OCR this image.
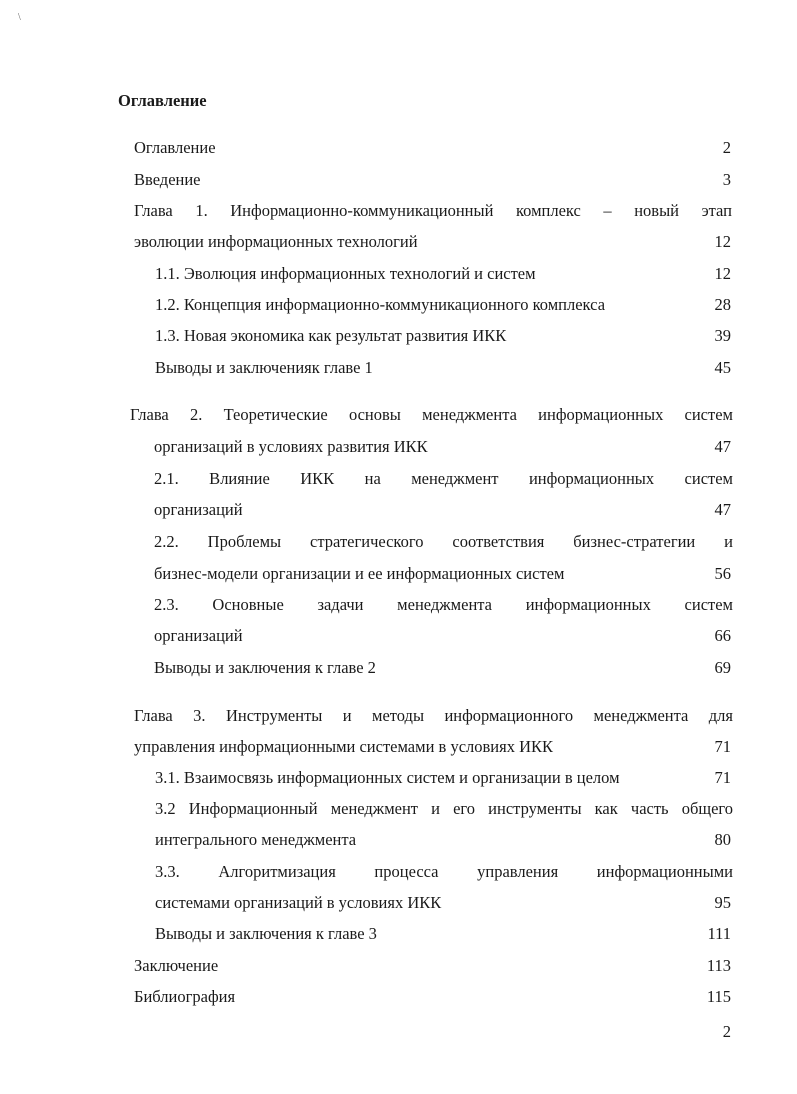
\
Оглавление
Оглавление	2
Введение	3
Глава 1. Информационно-коммуникационный комплекс – новый этап
эволюции информационных технологий	12
1.1. Эволюция информационных технологий и систем	12
1.2. Концепция информационно-коммуникационного комплекса	28
1.3. Новая экономика как результат развития ИКК	39
Выводы и заключенияк главе 1	45
Глава 2. Теоретические основы менеджмента информационных систем
организаций в условиях развития ИКК	47
2.1. Влияние ИКК на менеджмент информационных систем
организаций	47
2.2. Проблемы стратегического соответствия бизнес-стратегии и
бизнес-модели организации и ее информационных систем	56
2.3. Основные задачи менеджмента информационных систем
организаций	66
Выводы и заключения к главе 2	69
Глава 3. Инструменты и методы информационного менеджмента для
управления информационными системами в условиях ИКК	71
3.1. Взаимосвязь информационных систем и организации в целом	71
3.2 Информационный менеджмент и его инструменты как часть общего
интегрального менеджмента	80
3.3. Алгоритмизация процесса управления информационными
системами организаций в условиях ИКК	95
Выводы и заключения к главе 3	111
Заключение	113
Библиография	115
2
